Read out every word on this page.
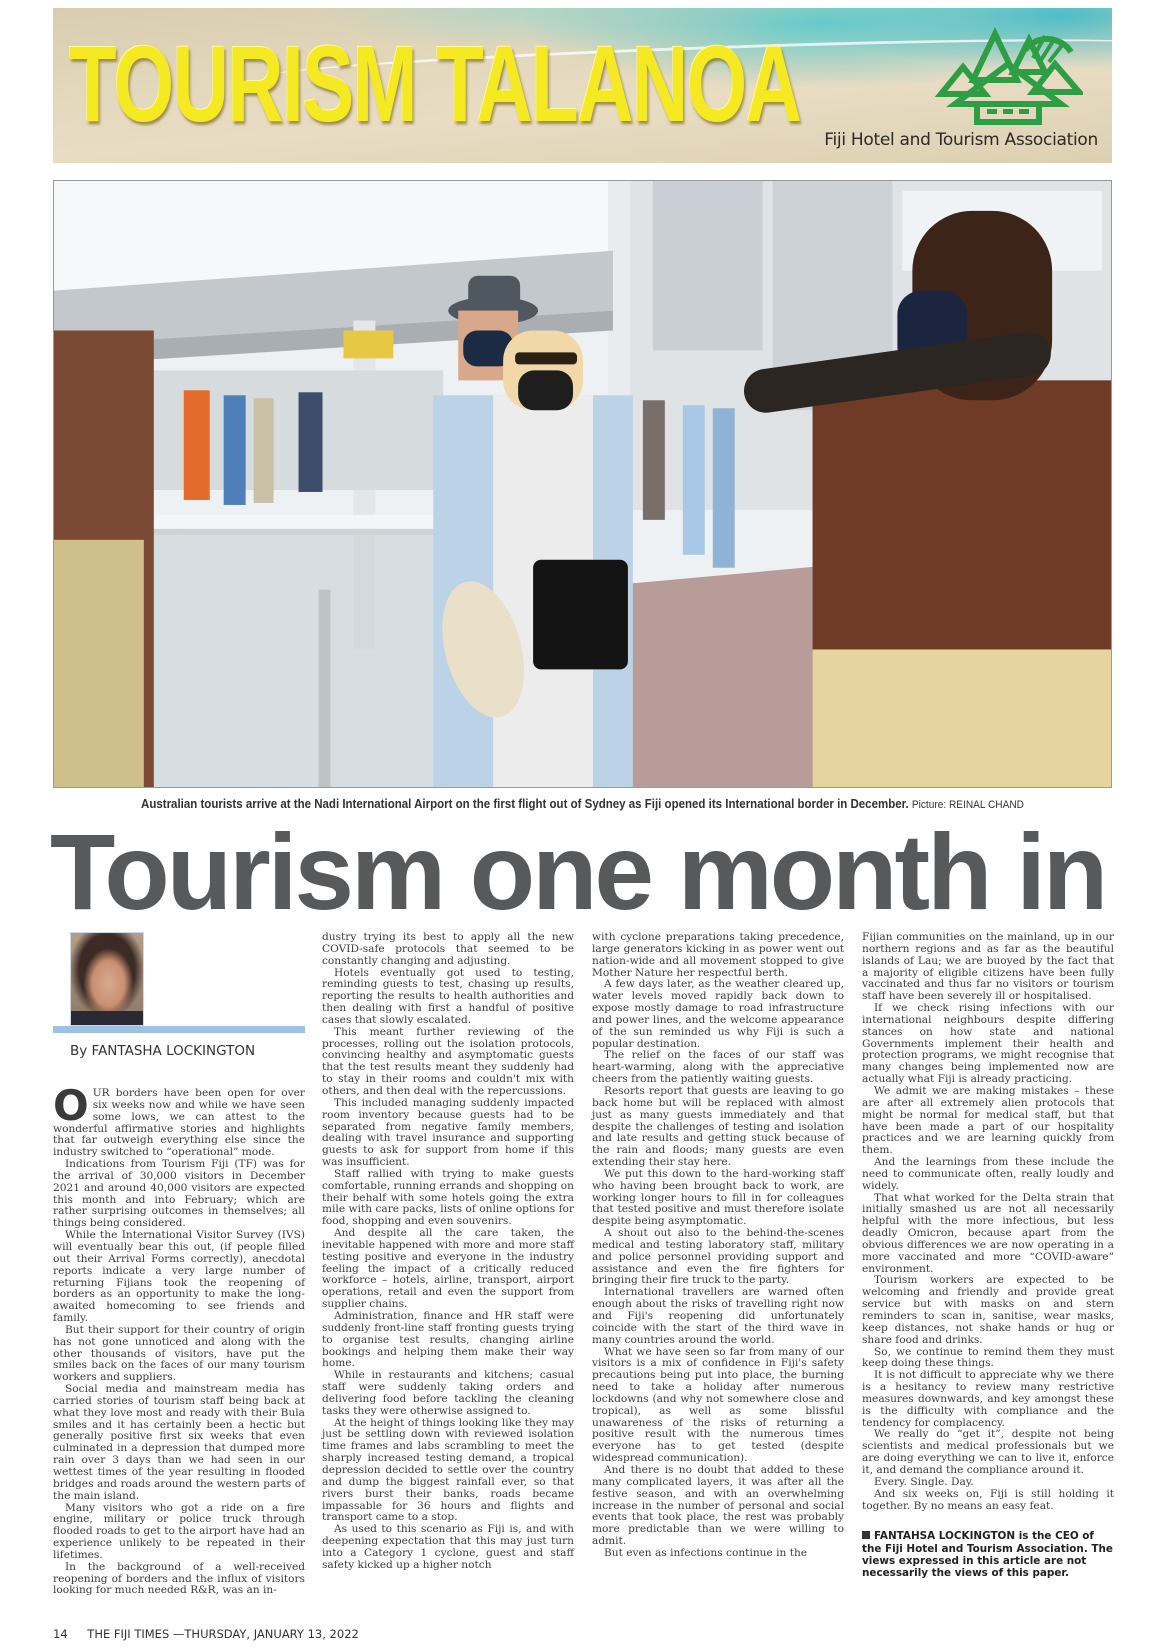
TOURISM TALANOA Fiji Hotel and Tourism Association
Australian tourists arrive at the Nadi International Airport on the first flight out of Sydney as Fiji opened its International border in December. Picture: REINAL CHAND
Tourism one month in
By FANTASHA LOCKINGTON

OUR borders have been open for over six weeks now and while we have seen some lows, we can attest to the wonderful affirmative stories and highlights that far outweigh everything else since the industry switched to “operational” mode.

Indications from Tourism Fiji (TF) was for the arrival of 30,000 visitors in December 2021 and around 40,000 visitors are expected this month and into February; which are rather surprising outcomes in themselves; all things being considered.

While the International Visitor Survey (IVS) will eventually bear this out, (if people filled out their Arrival Forms correctly), anecdotal reports indicate a very large number of returning Fijians took the reopening of borders as an opportunity to make the long-awaited homecoming to see friends and family.

But their support for their country of origin has not gone unnoticed and along with the other thousands of visitors, have put the smiles back on the faces of our many tourism workers and suppliers.

Social media and mainstream media has carried stories of tourism staff being back at what they love most and ready with their Bula smiles and it has certainly been a hectic but generally positive first six weeks that even culminated in a depression that dumped more rain over 3 days than we had seen in our wettest times of the year resulting in flooded bridges and roads around the western parts of the main island.

Many visitors who got a ride on a fire engine, military or police truck through flooded roads to get to the airport have had an experience unlikely to be repeated in their lifetimes.

In the background of a well-received reopening of borders and the influx of visitors looking for much needed R&R, was an in-

dustry trying its best to apply all the new COVID-safe protocols that seemed to be constantly changing and adjusting.

Hotels eventually got used to testing, reminding guests to test, chasing up results, reporting the results to health authorities and then dealing with first a handful of positive cases that slowly escalated.

This meant further reviewing of the processes, rolling out the isolation protocols, convincing healthy and asymptomatic guests that the test results meant they suddenly had to stay in their rooms and couldn't mix with others, and then deal with the repercussions.

This included managing suddenly impacted room inventory because guests had to be separated from negative family members, dealing with travel insurance and supporting guests to ask for support from home if this was insufficient.

Staff rallied with trying to make guests comfortable, running errands and shopping on their behalf with some hotels going the extra mile with care packs, lists of online options for food, shopping and even souvenirs.

And despite all the care taken, the inevitable happened with more and more staff testing positive and everyone in the industry feeling the impact of a critically reduced workforce – hotels, airline, transport, airport operations, retail and even the support from supplier chains.

Administration, finance and HR staff were suddenly front-line staff fronting guests trying to organise test results, changing airline bookings and helping them make their way home.

While in restaurants and kitchens; casual staff were suddenly taking orders and delivering food before tackling the cleaning tasks they were otherwise assigned to.

At the height of things looking like they may just be settling down with reviewed isolation time frames and labs scrambling to meet the sharply increased testing demand, a tropical depression decided to settle over the country and dump the biggest rainfall ever, so that rivers burst their banks, roads became impassable for 36 hours and flights and transport came to a stop.

As used to this scenario as Fiji is, and with deepening expectation that this may just turn into a Category 1 cyclone, guest and staff safety kicked up a higher notch

with cyclone preparations taking precedence, large generators kicking in as power went out nation-wide and all movement stopped to give Mother Nature her respectful berth.

A few days later, as the weather cleared up, water levels moved rapidly back down to expose mostly damage to road infrastructure and power lines, and the welcome appearance of the sun reminded us why Fiji is such a popular destination.

The relief on the faces of our staff was heart-warming, along with the appreciative cheers from the patiently waiting guests.

Resorts report that guests are leaving to go back home but will be replaced with almost just as many guests immediately and that despite the challenges of testing and isolation and late results and getting stuck because of the rain and floods; many guests are even extending their stay here.

We put this down to the hard-working staff who having been brought back to work, are working longer hours to fill in for colleagues that tested positive and must therefore isolate despite being asymptomatic.

A shout out also to the behind-the-scenes medical and testing laboratory staff, military and police personnel providing support and assistance and even the fire fighters for bringing their fire truck to the party.

International travellers are warned often enough about the risks of travelling right now and Fiji's reopening did unfortunately coincide with the start of the third wave in many countries around the world.

What we have seen so far from many of our visitors is a mix of confidence in Fiji's safety precautions being put into place, the burning need to take a holiday after numerous lockdowns (and why not somewhere close and tropical), as well as some blissful unawareness of the risks of returning a positive result with the numerous times everyone has to get tested (despite widespread communication).

And there is no doubt that added to these many complicated layers, it was after all the festive season, and with an overwhelming increase in the number of personal and social events that took place, the rest was probably more predictable than we were willing to admit.

But even as infections continue in the

Fijian communities on the mainland, up in our northern regions and as far as the beautiful islands of Lau; we are buoyed by the fact that a majority of eligible citizens have been fully vaccinated and thus far no visitors or tourism staff have been severely ill or hospitalised.

If we check rising infections with our international neighbours despite differing stances on how state and national Governments implement their health and protection programs, we might recognise that many changes being implemented now are actually what Fiji is already practicing.

We admit we are making mistakes – these are after all extremely alien protocols that might be normal for medical staff, but that have been made a part of our hospitality practices and we are learning quickly from them.

And the learnings from these include the need to communicate often, really loudly and widely.

That what worked for the Delta strain that initially smashed us are not all necessarily helpful with the more infectious, but less deadly Omicron, because apart from the obvious differences we are now operating in a more vaccinated and more “COVID-aware” environment.

Tourism workers are expected to be welcoming and friendly and provide great service but with masks on and stern reminders to scan in, sanitise, wear masks, keep distances, not shake hands or hug or share food and drinks.

So, we continue to remind them they must keep doing these things.

It is not difficult to appreciate why we there is a hesitancy to review many restrictive measures downwards, and key amongst these is the difficulty with compliance and the tendency for complacency.

We really do “get it”, despite not being scientists and medical professionals but we are doing everything we can to live it, enforce it, and demand the compliance around it.

Every. Single. Day.

And six weeks on, Fiji is still holding it together. By no means an easy feat.

FANTAHSA LOCKINGTON is the CEO of the Fiji Hotel and Tourism Association. The views expressed in this article are not necessarily the views of this paper.

14 THE FIJI TIMES —THURSDAY, JANUARY 13, 2022
